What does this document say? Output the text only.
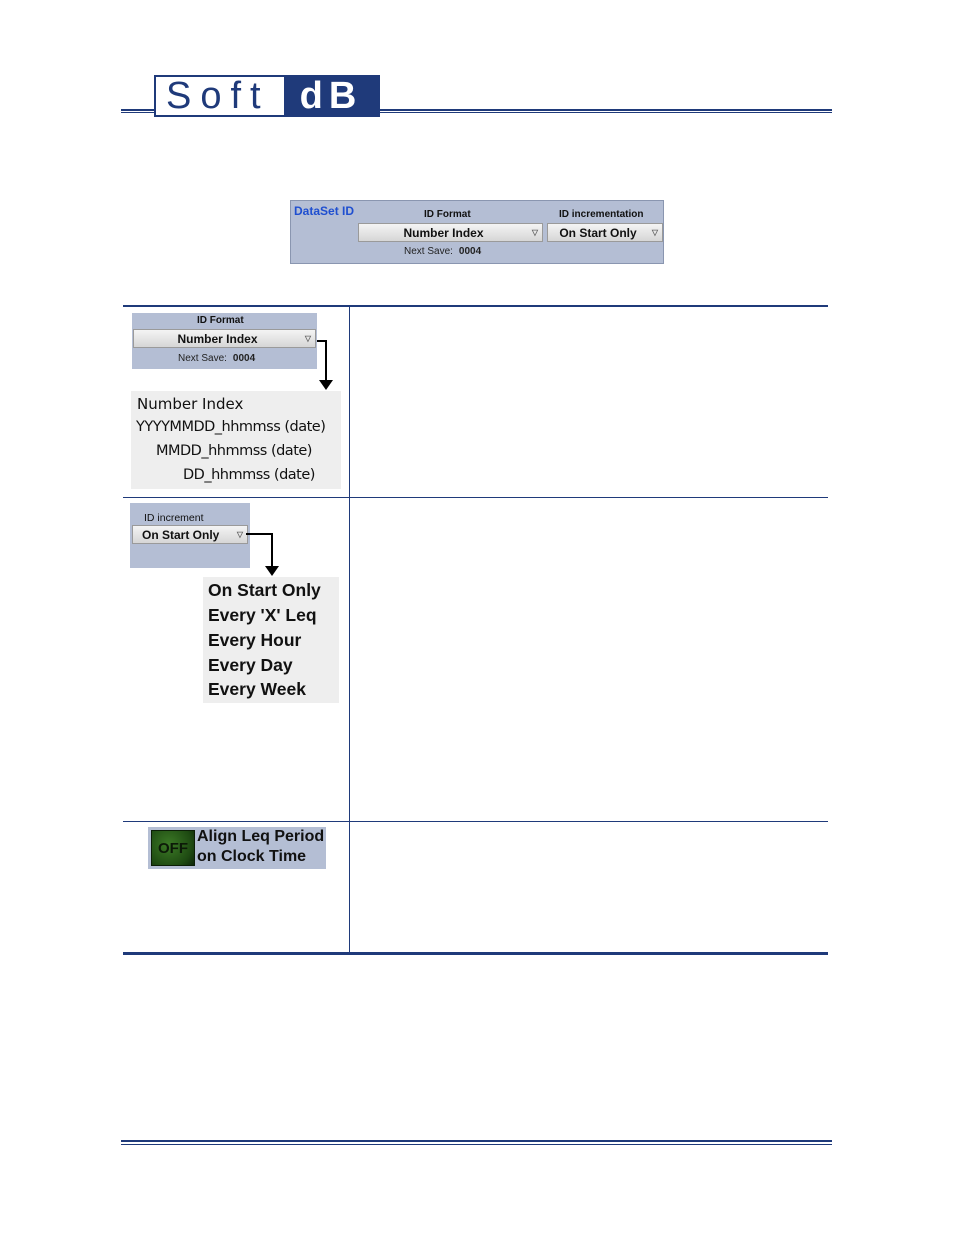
Soft dB
DataSet ID	ID Format
Number Index	▽
ID incrementation
On Start Only	▽
Next Save: 0004
ID Format
Number Index	▽
Next Save: 0004
Number Index
YYYYMMDD_hhmmss (date)
MMDD_hhmmss (date)
DD_hhmmss (date)
ID increment
On Start Only	▽
On Start Only
Every 'X' Leq
Every Hour
Every Day
Every Week
OFF
Align Leq Period
on Clock Time
